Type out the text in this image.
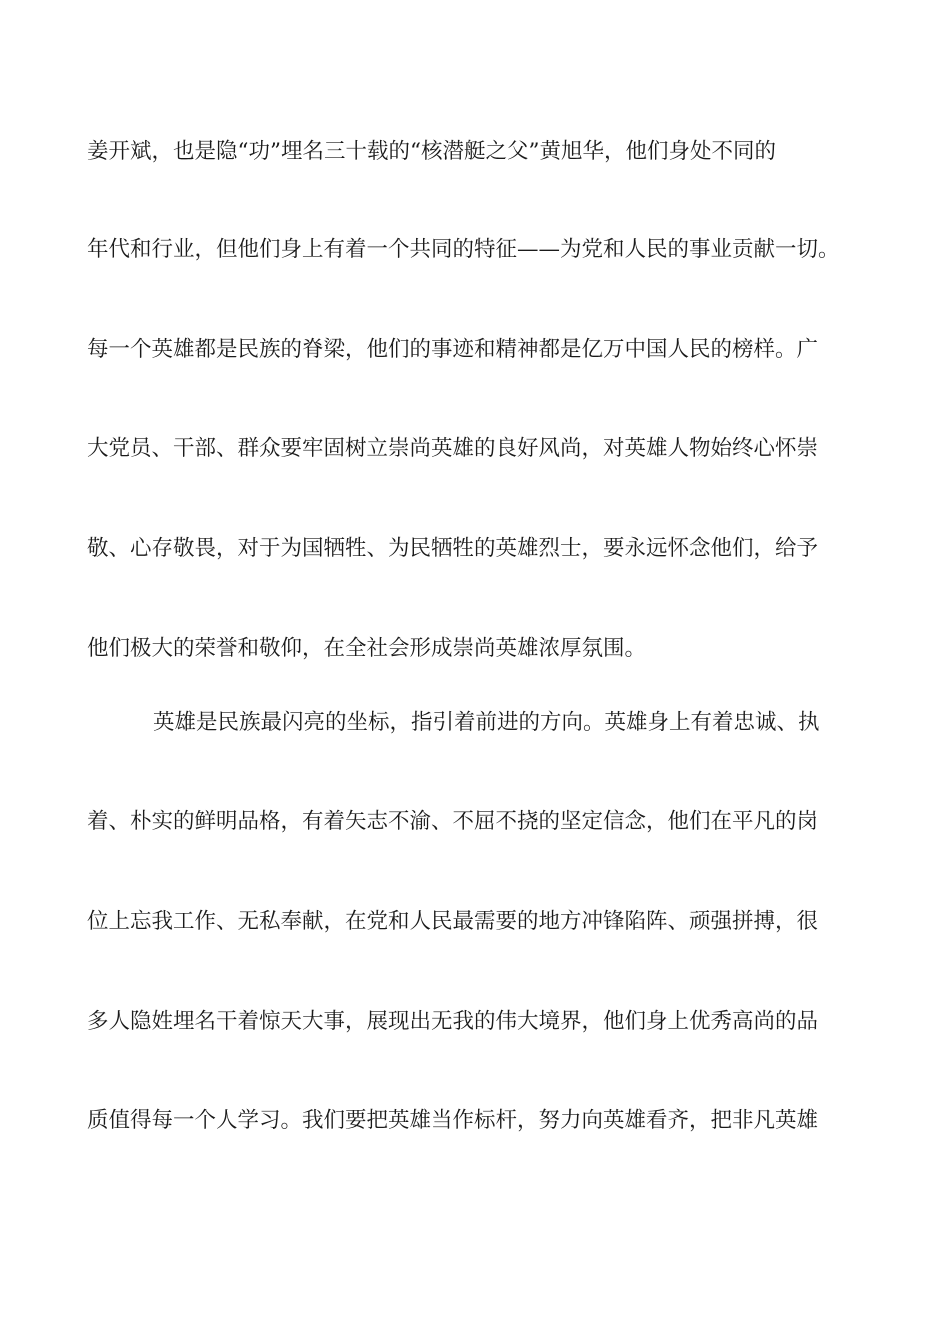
姜开斌，也是隐“功”埋名三十载的“核潜艇之父”黄旭华，他们身处不同的
年代和行业，但他们身上有着一个共同的特征——为党和人民的事业贡献一切。
每一个英雄都是民族的脊梁，他们的事迹和精神都是亿万中国人民的榜样。广
大党员、干部、群众要牢固树立崇尚英雄的良好风尚，对英雄人物始终心怀崇
敬、心存敬畏，对于为国牺牲、为民牺牲的英雄烈士，要永远怀念他们，给予
他们极大的荣誉和敬仰，在全社会形成崇尚英雄浓厚氛围。
英雄是民族最闪亮的坐标，指引着前进的方向。英雄身上有着忠诚、执
着、朴实的鲜明品格，有着矢志不渝、不屈不挠的坚定信念，他们在平凡的岗
位上忘我工作、无私奉献，在党和人民最需要的地方冲锋陷阵、顽强拼搏，很
多人隐姓埋名干着惊天大事，展现出无我的伟大境界，他们身上优秀高尚的品
质值得每一个人学习。我们要把英雄当作标杆，努力向英雄看齐，把非凡英雄
